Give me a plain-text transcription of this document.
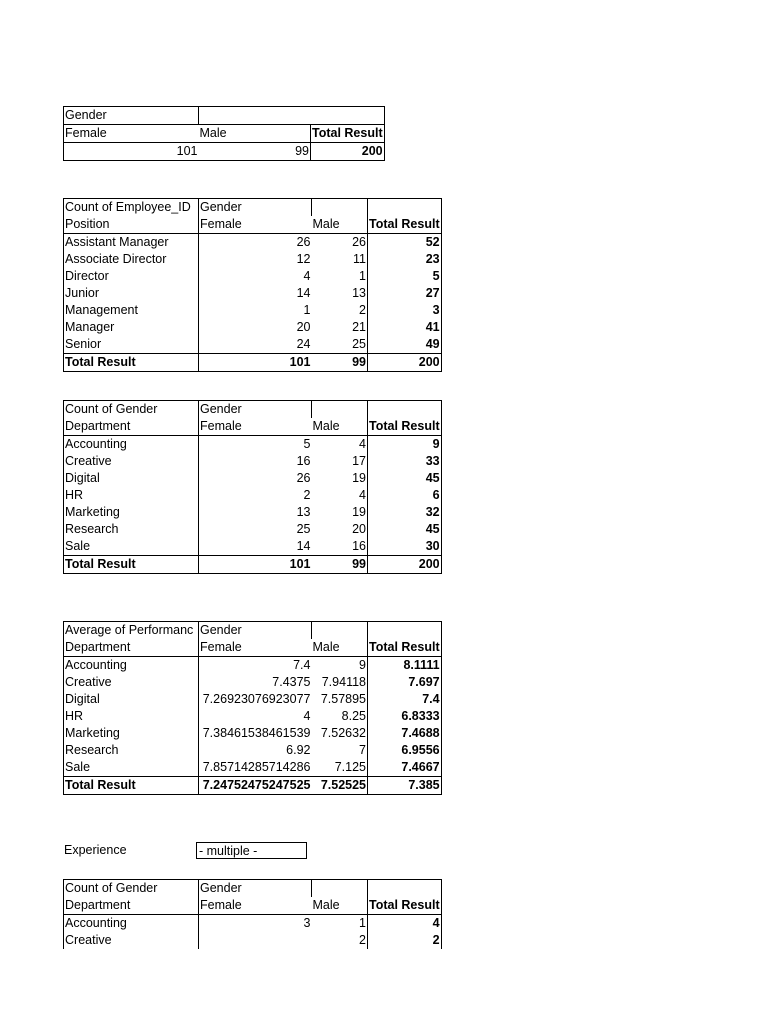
Gender		
Female	Male	Total Result
101	99	200
Count of Employee_ID	Gender		
Position	Female	Male	Total Result
Assistant Manager	26	26	52
Associate Director	12	11	23
Director	4	1	5
Junior	14	13	27
Management	1	2	3
Manager	20	21	41
Senior	24	25	49
Total Result	101	99	200
Count of Gender	Gender		
Department	Female	Male	Total Result
Accounting	5	4	9
Creative	16	17	33
Digital	26	19	45
HR	2	4	6
Marketing	13	19	32
Research	25	20	45
Sale	14	16	30
Total Result	101	99	200
Average of Performanc	Gender		
Department	Female	Male	Total Result
Accounting	7.4	9	8.1111
Creative	7.4375	7.94118	7.697
Digital	7.26923076923077	7.57895	7.4
HR	4	8.25	6.8333
Marketing	7.38461538461539	7.52632	7.4688
Research	6.92	7	6.9556
Sale	7.85714285714286	7.125	7.4667
Total Result	7.24752475247525	7.52525	7.385
Experience	- multiple -
Count of Gender	Gender		
Department	Female	Male	Total Result
Accounting	3	1	4
Creative		2	2
